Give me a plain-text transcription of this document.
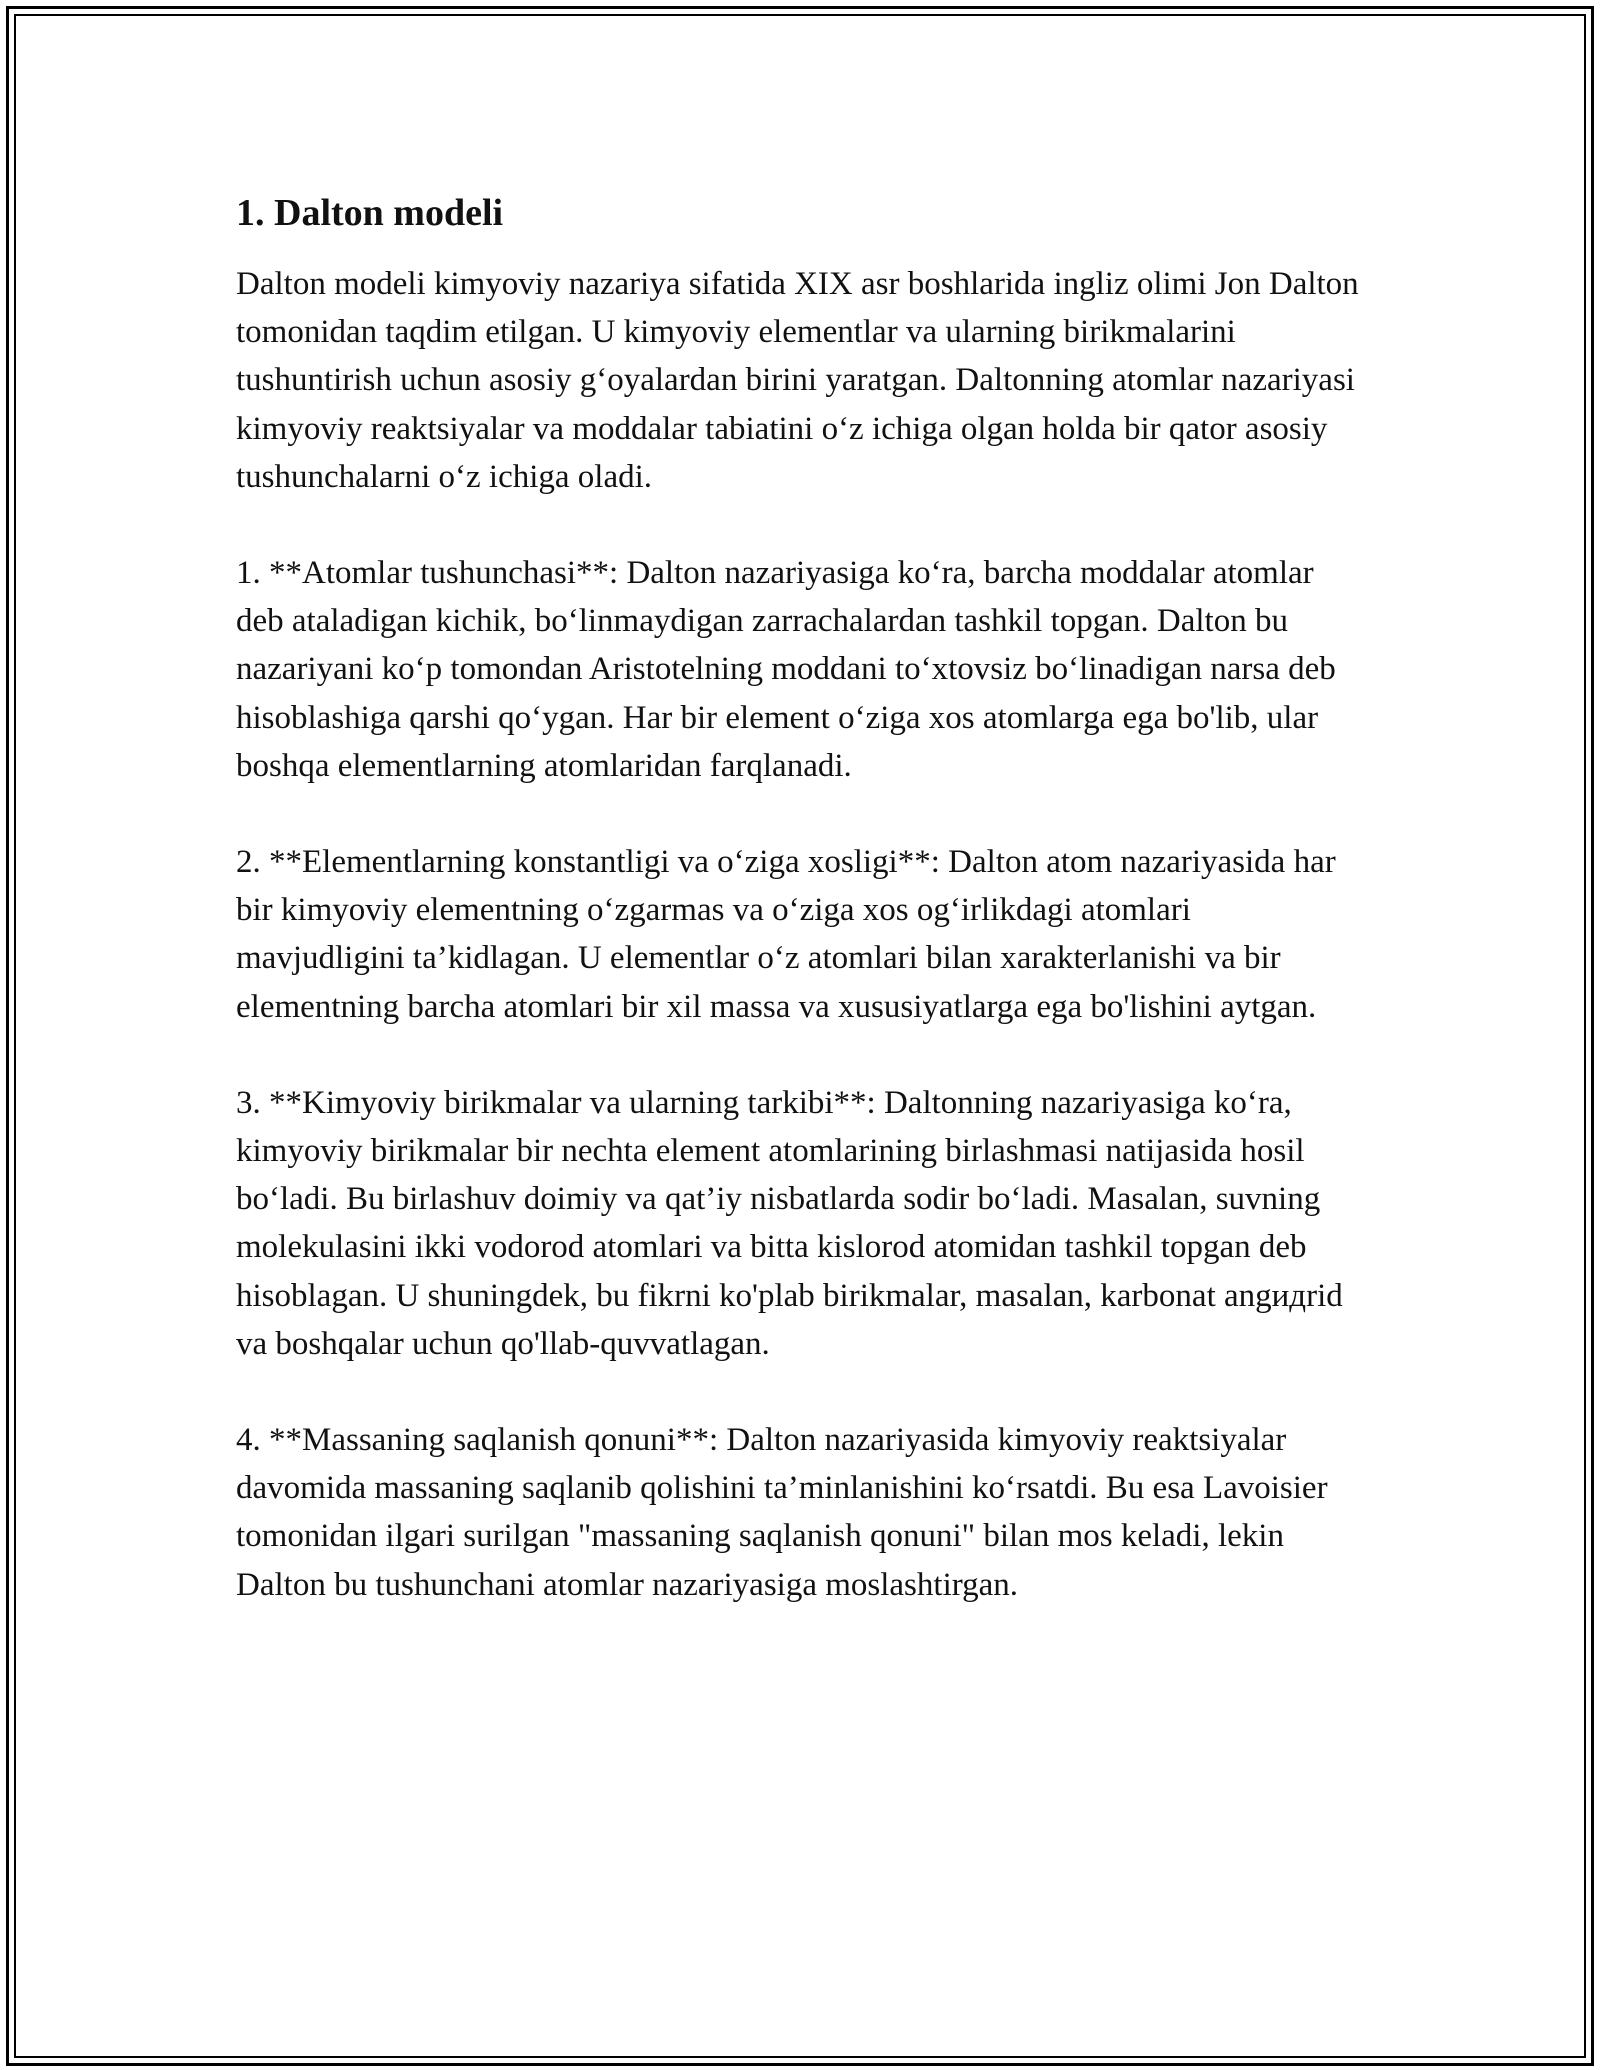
1. Dalton modeli

Dalton modeli kimyoviy nazariya sifatida XIX asr boshlarida ingliz olimi Jon Dalton tomonidan taqdim etilgan. U kimyoviy elementlar va ularning birikmalarini tushuntirish uchun asosiy g‘oyalardan birini yaratgan. Daltonning atomlar nazariyasi kimyoviy reaktsiyalar va moddalar tabiatini o‘z ichiga olgan holda bir qator asosiy tushunchalarni o‘z ichiga oladi.

1. **Atomlar tushunchasi**: Dalton nazariyasiga ko‘ra, barcha moddalar atomlar deb ataladigan kichik, bo‘linmaydigan zarrachalardan tashkil topgan. Dalton bu nazariyani ko‘p tomondan Aristotelning moddani to‘xtovsiz bo‘linadigan narsa deb hisoblashiga qarshi qo‘ygan. Har bir element o‘ziga xos atomlarga ega bo'lib, ular boshqa elementlarning atomlaridan farqlanadi.

2. **Elementlarning konstantligi va o‘ziga xosligi**: Dalton atom nazariyasida har bir kimyoviy elementning o‘zgarmas va o‘ziga xos og‘irlikdagi atomlari mavjudligini ta’kidlagan. U elementlar o‘z atomlari bilan xarakterlanishi va bir elementning barcha atomlari bir xil massa va xususiyatlarga ega bo'lishini aytgan.

3. **Kimyoviy birikmalar va ularning tarkibi**: Daltonning nazariyasiga ko‘ra, kimyoviy birikmalar bir nechta element atomlarining birlashmasi natijasida hosil bo‘ladi. Bu birlashuv doimiy va qat’iy nisbatlarda sodir bo‘ladi. Masalan, suvning molekulasini ikki vodorod atomlari va bitta kislorod atomidan tashkil topgan deb hisoblagan. U shuningdek, bu fikrni ko'plab birikmalar, masalan, karbonat angидrid va boshqalar uchun qo'llab-quvvatlagan.

4. **Massaning saqlanish qonuni**: Dalton nazariyasida kimyoviy reaktsiyalar davomida massaning saqlanib qolishini ta’minlanishini ko‘rsatdi. Bu esa Lavoisier tomonidan ilgari surilgan "massaning saqlanish qonuni" bilan mos keladi, lekin Dalton bu tushunchani atomlar nazariyasiga moslashtirgan.
